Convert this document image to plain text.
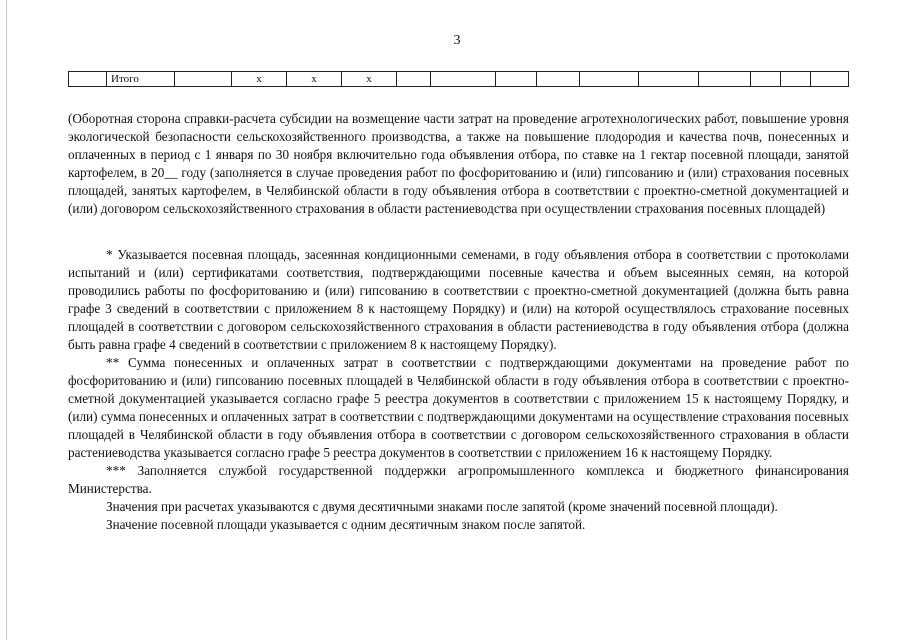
3
	Итого		х	х	х										

(Оборотная сторона справки-расчета субсидии на возмещение части затрат на проведение агротехнологических работ, повышение уровня экологической безопасности сельскохозяйственного производства, а также на повышение плодородия и качества почв, понесенных и оплаченных в период с 1 января по 30 ноября включительно года объявления отбора, по ставке на 1 гектар посевной площади, занятой картофелем, в 20__ году (заполняется в случае проведения работ по фосфоритованию и (или) гипсованию и (или) страхования посевных площадей, занятых картофелем, в Челябинской области в году объявления отбора в соответствии с проектно-сметной документацией и (или) договором сельскохозяйственного страхования в области растениеводства при осуществлении страхования посевных площадей)

* Указывается посевная площадь, засеянная кондиционными семенами, в году объявления отбора в соответствии с протоколами испытаний и (или) сертификатами соответствия, подтверждающими посевные качества и объем высеянных семян, на которой проводились работы по фосфоритованию и (или) гипсованию в соответствии с проектно-сметной документацией (должна быть равна графе 3 сведений в соответствии с приложением 8 к настоящему Порядку) и (или) на которой осуществлялось страхование посевных площадей в соответствии с договором сельскохозяйственного страхования в области растениеводства в году объявления отбора (должна быть равна графе 4 сведений в соответствии с приложением 8 к настоящему Порядку).

** Сумма понесенных и оплаченных затрат в соответствии с подтверждающими документами на проведение работ по фосфоритованию и (или) гипсованию посевных площадей в Челябинской области в году объявления отбора в соответствии с проектно-сметной документацией указывается согласно графе 5 реестра документов в соответствии с приложением 15 к настоящему Порядку, и (или) сумма понесенных и оплаченных затрат в соответствии с подтверждающими документами на осуществление страхования посевных площадей в Челябинской области в году объявления отбора в соответствии с договором сельскохозяйственного страхования в области растениеводства указывается согласно графе 5 реестра документов в соответствии с приложением 16 к настоящему Порядку.

*** Заполняется службой государственной поддержки агропромышленного комплекса и бюджетного финансирования Министерства.

Значения при расчетах указываются с двумя десятичными знаками после запятой (кроме значений посевной площади).

Значение посевной площади указывается с одним десятичным знаком после запятой.
